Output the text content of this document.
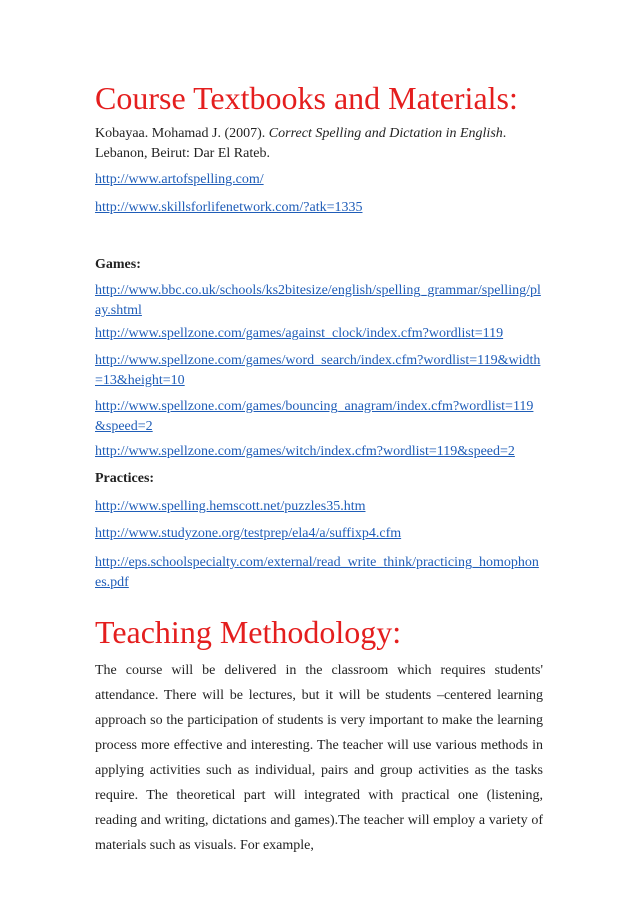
Course Textbooks and Materials:
Kobayaa. Mohamad J. (2007). Correct Spelling and Dictation in English. Lebanon, Beirut: Dar El Rateb.
http://www.artofspelling.com/
http://www.skillsforlifenetwork.com/?atk=1335
Games:
http://www.bbc.co.uk/schools/ks2bitesize/english/spelling_grammar/spelling/play.shtml
http://www.spellzone.com/games/against_clock/index.cfm?wordlist=119
http://www.spellzone.com/games/word_search/index.cfm?wordlist=119&width=13&height=10
http://www.spellzone.com/games/bouncing_anagram/index.cfm?wordlist=119&speed=2
http://www.spellzone.com/games/witch/index.cfm?wordlist=119&speed=2
Practices:
http://www.spelling.hemscott.net/puzzles35.htm
http://www.studyzone.org/testprep/ela4/a/suffixp4.cfm
http://eps.schoolspecialty.com/external/read_write_think/practicing_homophones.pdf
Teaching Methodology:
The course will be delivered in the classroom which requires students' attendance. There will be lectures, but it will be students –centered learning approach so the participation of students is very important to make the learning process more effective and interesting. The teacher will use various methods in applying activities such as individual, pairs and group activities as the tasks require. The theoretical part will integrated with practical one (listening, reading and writing, dictations and games).The teacher will employ a variety of materials such as visuals. For example,
